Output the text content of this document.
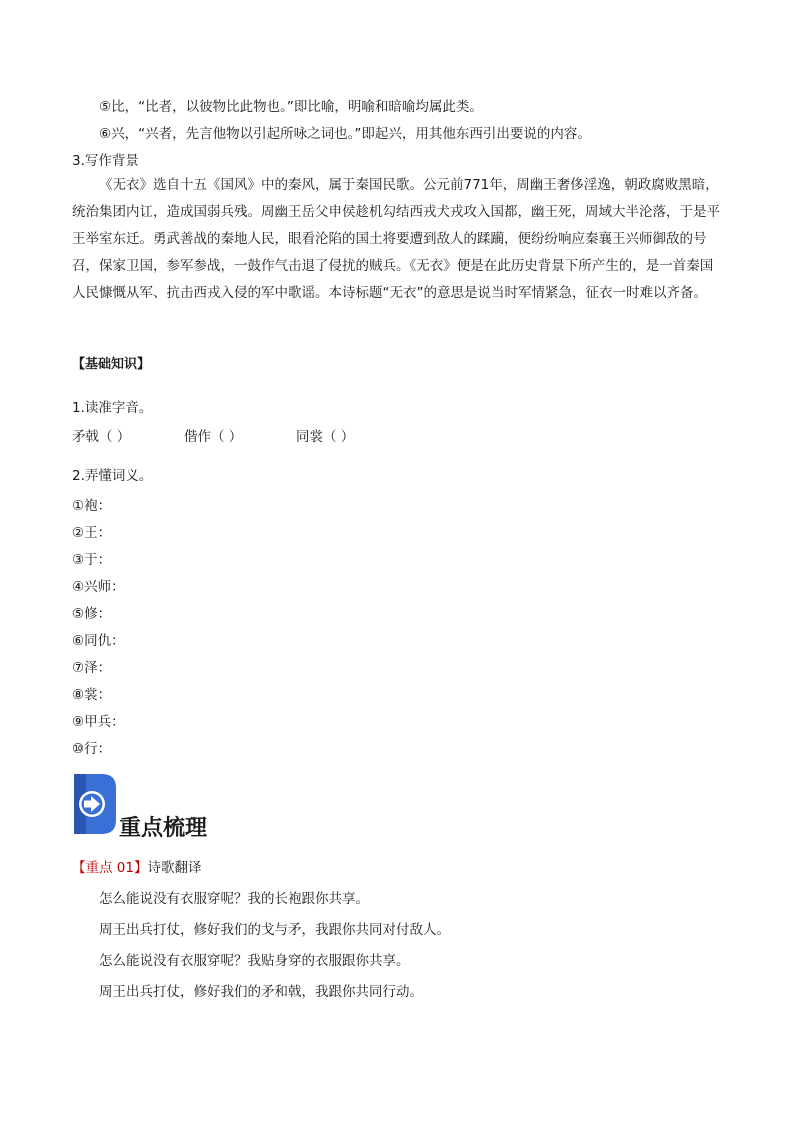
⑤比，“比者，以彼物比此物也。”即比喻，明喻和暗喻均属此类。
⑥兴，“兴者，先言他物以引起所咏之词也。”即起兴，用其他东西引出要说的内容。
3.写作背景
《无衣》选自十五《国风》中的秦风，属于秦国民歌。公元前771年，周幽王奢侈淫逸，朝政腐败黑暗，统治集团内讧，造成国弱兵残。周幽王岳父申侯趁机勾结西戎犬戎攻入国都，幽王死，周域大半沦落，于是平王举室东迁。勇武善战的秦地人民，眼看沦陷的国土将要遭到敌人的蹂躏，便纷纷响应秦襄王兴师御敌的号召，保家卫国，参军参战，一鼓作气击退了侵扰的贼兵。《无衣》便是在此历史背景下所产生的，是一首秦国人民慷慨从军、抗击西戎入侵的军中歌谣。本诗标题“无衣”的意思是说当时军情紧急，征衣一时难以齐备。
【基础知识】
1.读准字音。
矛戟（ ）	偕作（ ）	同裳（ ）
2.弄懂词义。
①袍：
②王：
③于：
④兴师：
⑤修：
⑥同仇：
⑦泽：
⑧裳：
⑨甲兵：
⑩行：
重点梳理
【重点 01】诗歌翻译
怎么能说没有衣服穿呢？我的长袍跟你共享。
周王出兵打仗，修好我们的戈与矛，我跟你共同对付敌人。
怎么能说没有衣服穿呢？我贴身穿的衣服跟你共享。
周王出兵打仗，修好我们的矛和戟，我跟你共同行动。
